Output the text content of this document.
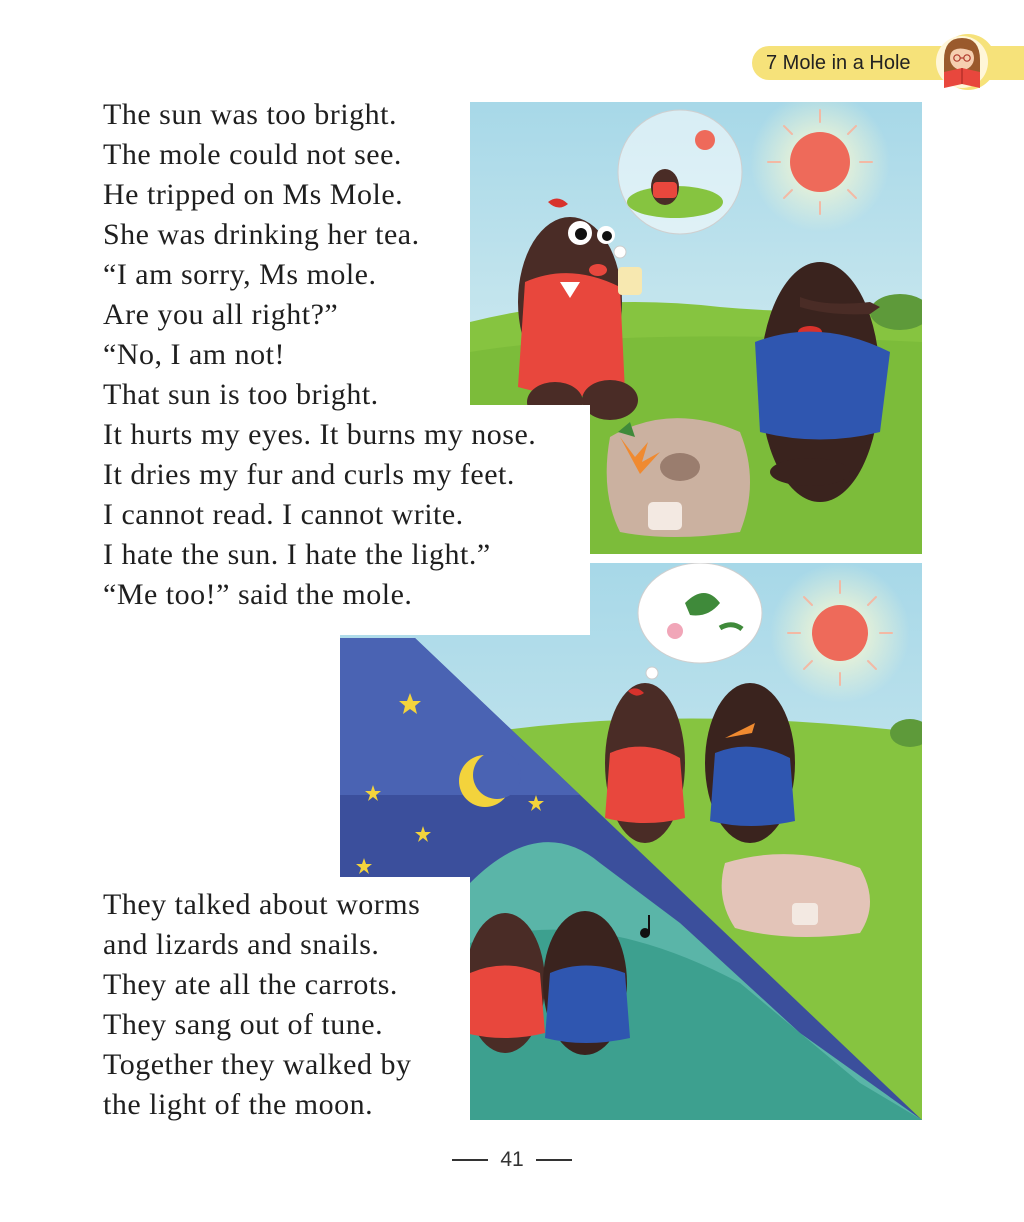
7 Mole in a Hole
The sun was too bright.
The mole could not see.
He tripped on Ms Mole.
She was drinking her tea.
“I am sorry, Ms mole.
Are you all right?”
“No, I am not!
That sun is too bright.
It hurts my eyes. It burns my nose.
It dries my fur and curls my feet.
I cannot read. I cannot write.
I hate the sun. I hate the light.”
“Me too!” said the mole.
They talked about worms
and lizards and snails.
They ate all the carrots.
They sang out of tune.
Together they walked by
the light of the moon.
41
